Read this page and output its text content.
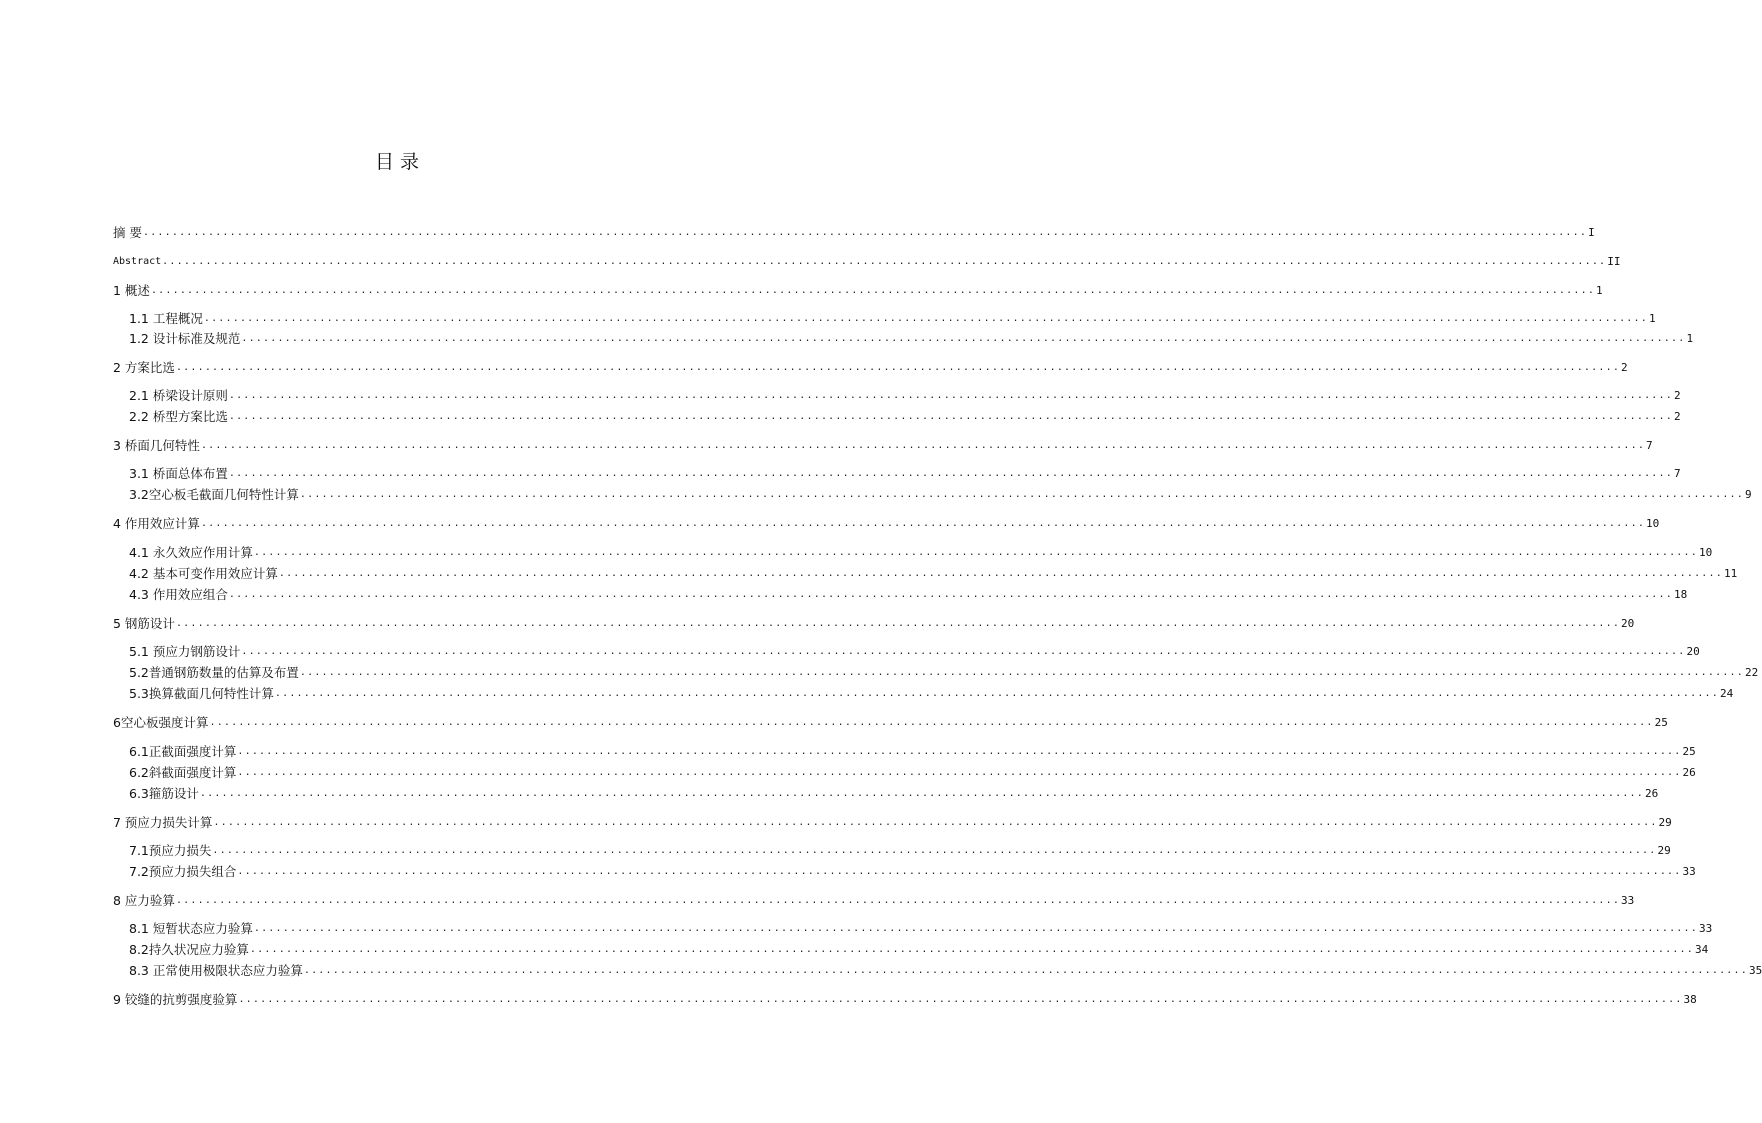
目 录
摘 要 ........................................................................................................................................................................................................ I
Abstract ........................................................................................................................................................................................................ II
1 概述 ........................................................................................................................................................................................................ 1
1.1 工程概况 ........................................................................................................................................................................................................ 1
1.2 设计标准及规范 ........................................................................................................................................................................................................ 1
2 方案比选 ........................................................................................................................................................................................................ 2
2.1 桥梁设计原则 ........................................................................................................................................................................................................ 2
2.2 桥型方案比选 ........................................................................................................................................................................................................ 2
3 桥面几何特性 ........................................................................................................................................................................................................ 7
3.1 桥面总体布置 ........................................................................................................................................................................................................ 7
3.2空心板毛截面几何特性计算 ........................................................................................................................................................................................................ 9
4 作用效应计算 ........................................................................................................................................................................................................ 10
4.1 永久效应作用计算 ........................................................................................................................................................................................................ 10
4.2 基本可变作用效应计算 ........................................................................................................................................................................................................ 11
4.3 作用效应组合 ........................................................................................................................................................................................................ 18
5 钢筋设计 ........................................................................................................................................................................................................ 20
5.1 预应力钢筋设计 ........................................................................................................................................................................................................ 20
5.2普通钢筋数量的估算及布置 ........................................................................................................................................................................................................ 22
5.3换算截面几何特性计算 ........................................................................................................................................................................................................ 24
6空心板强度计算 ........................................................................................................................................................................................................ 25
6.1正截面强度计算 ........................................................................................................................................................................................................ 25
6.2斜截面强度计算 ........................................................................................................................................................................................................ 26
6.3箍筋设计 ........................................................................................................................................................................................................ 26
7 预应力损失计算 ........................................................................................................................................................................................................ 29
7.1预应力损失 ........................................................................................................................................................................................................ 29
7.2预应力损失组合 ........................................................................................................................................................................................................ 33
8 应力验算 ........................................................................................................................................................................................................ 33
8.1 短暂状态应力验算 ........................................................................................................................................................................................................ 33
8.2持久状况应力验算 ........................................................................................................................................................................................................ 34
8.3 正常使用极限状态应力验算 ........................................................................................................................................................................................................ 35
9 铰缝的抗剪强度验算 ........................................................................................................................................................................................................ 38
